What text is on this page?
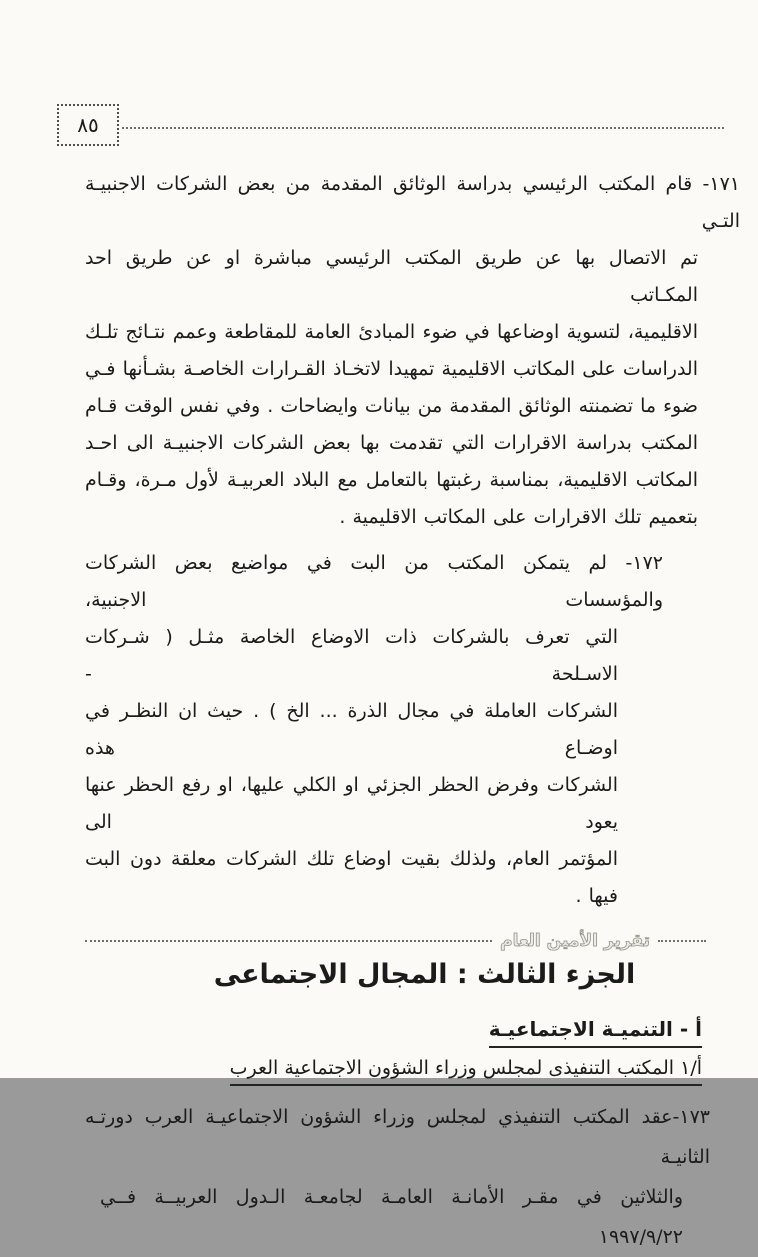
٨٥
١٧١- قام المكتب الرئيسي بدراسة الوثائق المقدمة من بعض الشركات الاجنبيـة التـي
تم الاتصال بها عن طريق المكتب الرئيسي مباشرة او عن طريق احد المكـاتب
الاقليمية، لتسوية اوضاعها في ضوء المبادئ العامة للمقاطعة وعمم نتـائج تلـك
الدراسات على المكاتب الاقليمية تمهيدا لاتخـاذ القـرارات الخاصـة بشـأنها فـي
ضوء ما تضمنته الوثائق المقدمة من بيانات وايضاحات . وفي نفس الوقت قـام
المكتب بدراسة الاقرارات التي تقدمت بها بعض الشركات الاجنبيـة الى احـد
المكاتب الاقليمية، بمناسبة رغبتها بالتعامل مع البلاد العربيـة لأول مـرة، وقـام
بتعميم تلك الاقرارات على المكاتب الاقليمية .
١٧٢- لم يتمكن المكتب من البت في مواضيع بعض الشركات والمؤسسات الاجنبية،
التي تعرف بالشركات ذات الاوضاع الخاصة مثـل ( شـركات الاسـلحة -
الشركات العاملة في مجال الذرة ... الخ ) . حيث ان النظـر في اوضـاع هذه
الشركات وفرض الحظر الجزئي او الكلي عليها، او رفع الحظر عنها يعود الى
المؤتمر العام، ولذلك بقيت اوضاع تلك الشركات معلقة دون البت فيها .
الجزء الثالث : المجال الاجتماعى
أ - التنميـة الاجتماعيـة
أ/١ المكتب التنفيذى لمجلس وزراء الشؤون الاجتماعية العرب
١٧٣-عقد المكتب التنفيذي لمجلس وزراء الشؤون الاجتماعيـة العرب دورتـه الثانيـة
والثلاثين في مقـر الأمانـة العامـة لجامعـة الـدول العربيــة فــي ١٩٩٧/٩/٢٢
تقرير الأمين العام
